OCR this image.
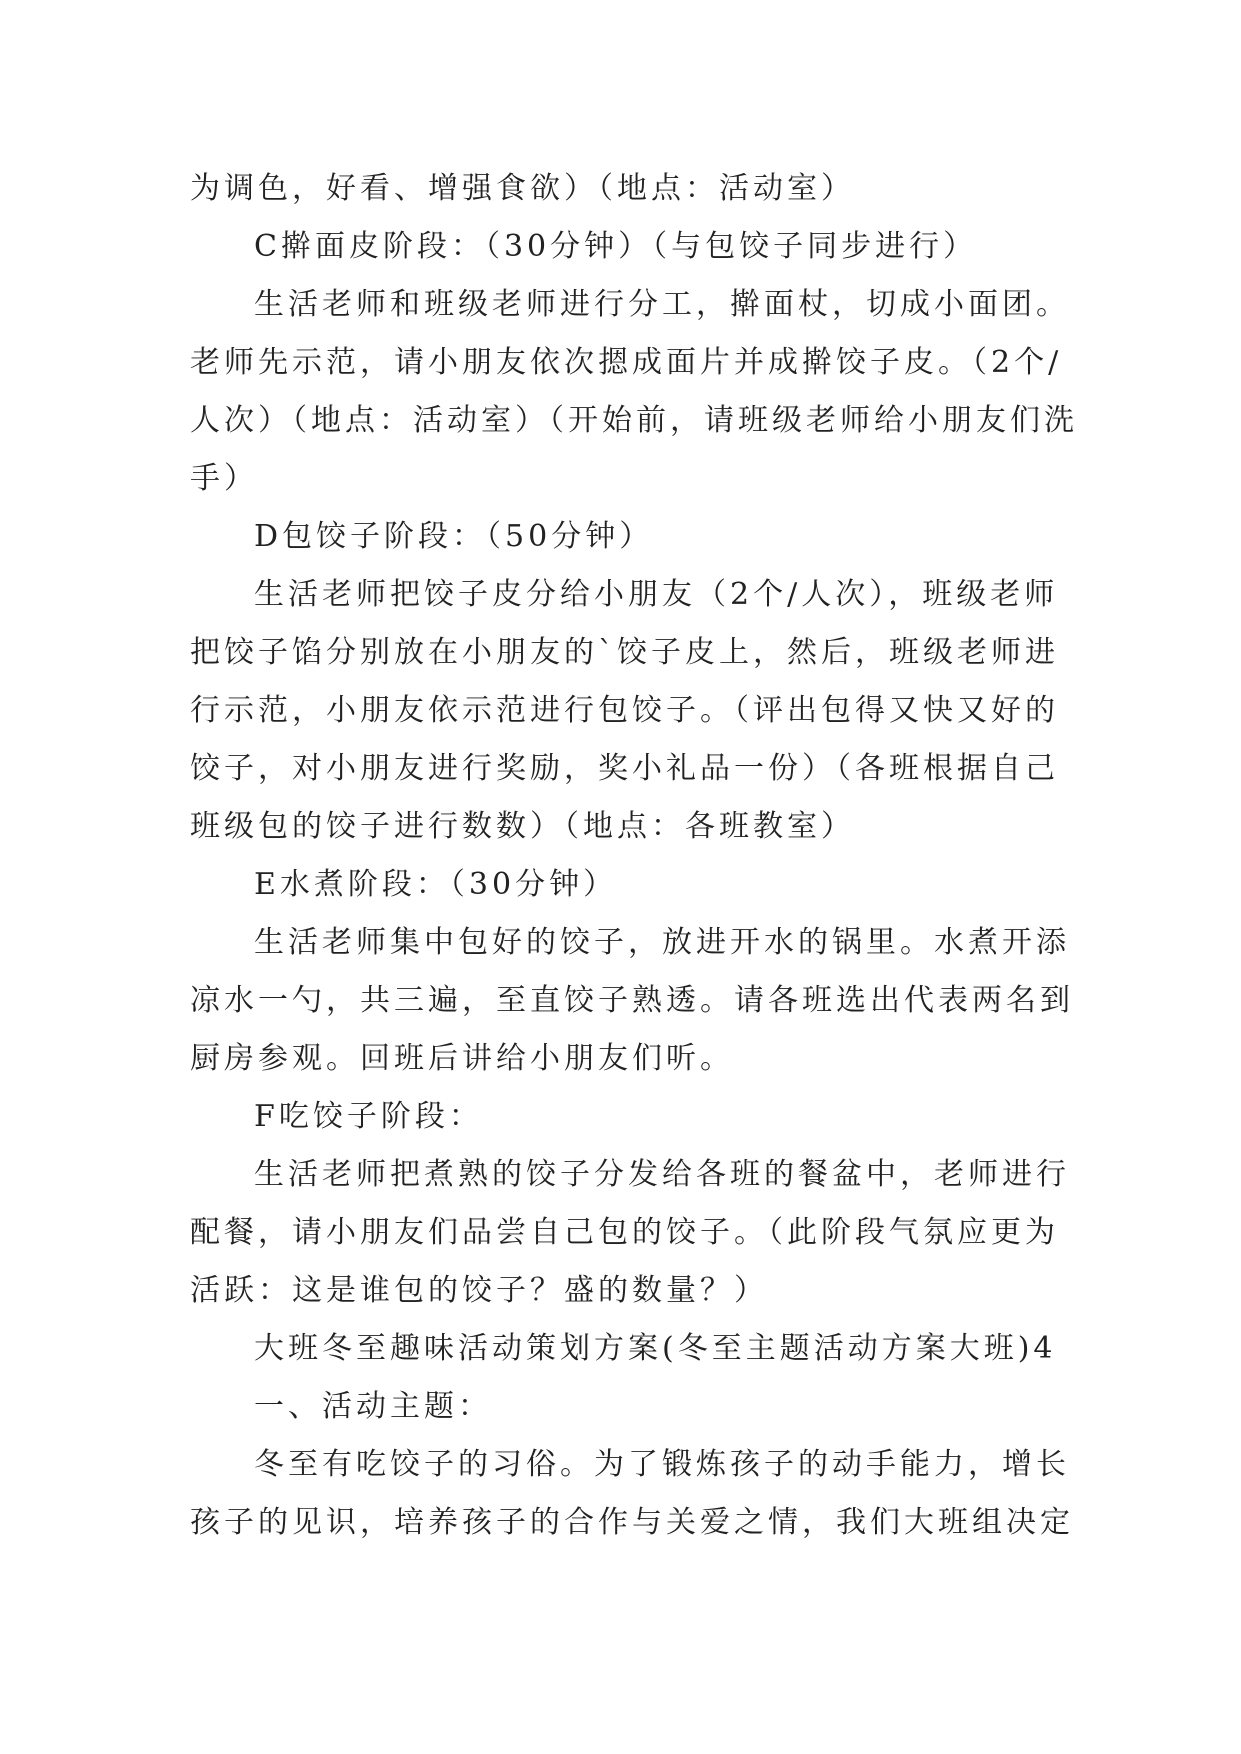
为调色，好看、增强食欲）（地点：活动室）
C擀面皮阶段：（30分钟）（与包饺子同步进行）
生活老师和班级老师进行分工，擀面杖，切成小面团。
老师先示范，请小朋友依次摁成面片并成擀饺子皮。（2个/
人次）（地点：活动室）（开始前，请班级老师给小朋友们洗
手）
D包饺子阶段：（50分钟）
生活老师把饺子皮分给小朋友（2个/人次），班级老师
把饺子馅分别放在小朋友的`饺子皮上，然后，班级老师进
行示范，小朋友依示范进行包饺子。（评出包得又快又好的
饺子，对小朋友进行奖励，奖小礼品一份）（各班根据自己
班级包的饺子进行数数）（地点：各班教室）
E水煮阶段：（30分钟）
生活老师集中包好的饺子，放进开水的锅里。水煮开添
凉水一勺，共三遍，至直饺子熟透。请各班选出代表两名到
厨房参观。回班后讲给小朋友们听。
F吃饺子阶段：
生活老师把煮熟的饺子分发给各班的餐盆中，老师进行
配餐，请小朋友们品尝自己包的饺子。（此阶段气氛应更为
活跃：这是谁包的饺子？盛的数量？）
大班冬至趣味活动策划方案(冬至主题活动方案大班)4
一、活动主题：
冬至有吃饺子的习俗。为了锻炼孩子的动手能力，增长
孩子的见识，培养孩子的合作与关爱之情，我们大班组决定
